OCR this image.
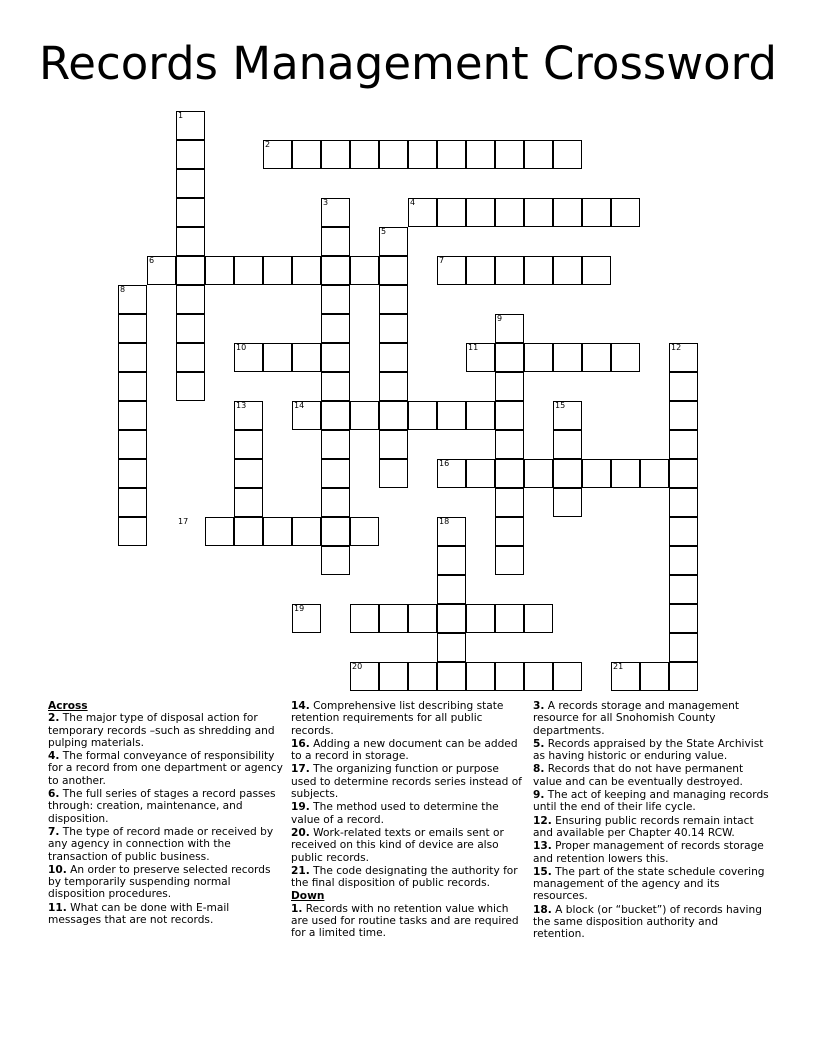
Records Management Crossword
1
2
3	4
5
6	7
8
9
10	11	12
13	14	15
16
17	18
19
20	21
Across
2. The major type of disposal action for temporary records –such as shredding and pulping materials.
4. The formal conveyance of responsibility for a record from one department or agency to another.
6. The full series of stages a record passes through: creation, maintenance, and disposition.
7. The type of record made or received by any agency in connection with the transaction of public business.
10. An order to preserve selected records by temporarily suspending normal disposition procedures.
11. What can be done with E-mail messages that are not records.
14. Comprehensive list describing state retention requirements for all public records.
16. Adding a new document can be added to a record in storage.
17. The organizing function or purpose used to determine records series instead of subjects.
19. The method used to determine the value of a record.
20. Work-related texts or emails sent or received on this kind of device are also public records.
21. The code designating the authority for the final disposition of public records.
Down
1. Records with no retention value which are used for routine tasks and are required for a limited time.
3. A records storage and management resource for all Snohomish County departments.
5. Records appraised by the State Archivist as having historic or enduring value.
8. Records that do not have permanent value and can be eventually destroyed.
9. The act of keeping and managing records until the end of their life cycle.
12. Ensuring public records remain intact and available per Chapter 40.14 RCW.
13. Proper management of records storage and retention lowers this.
15. The part of the state schedule covering management of the agency and its resources.
18. A block (or “bucket”) of records having the same disposition authority and retention.
